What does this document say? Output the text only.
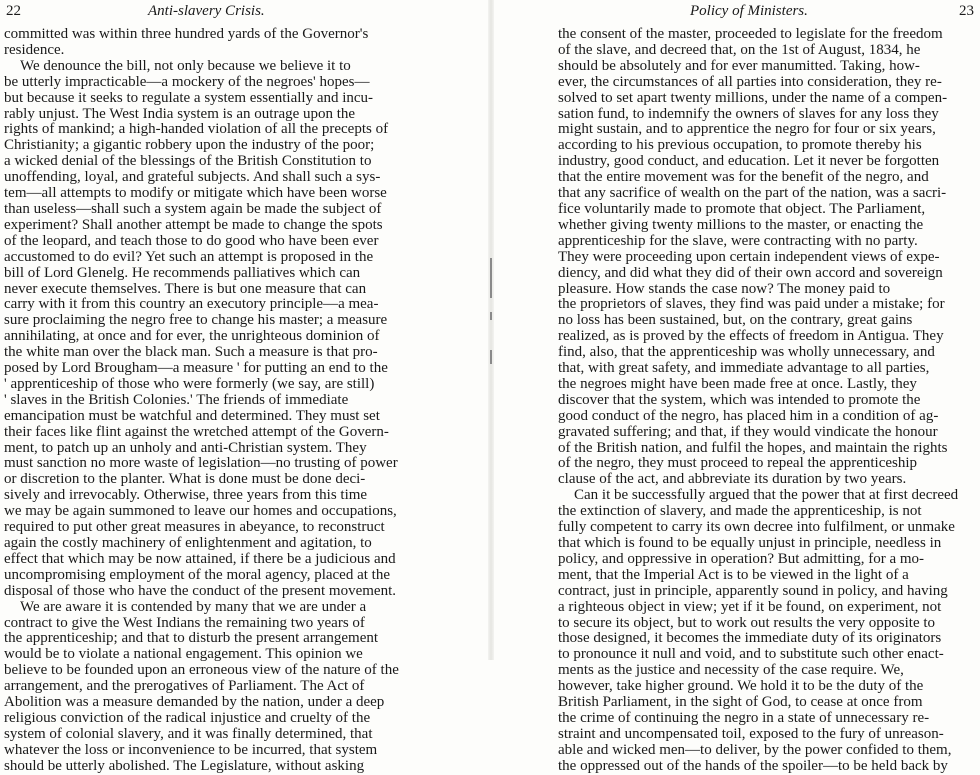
22	Anti-slavery Crisis.
committed was within three hundred yards of the Governor's
residence.
We denounce the bill, not only because we believe it to
be utterly impracticable—a mockery of the negroes' hopes—
but because it seeks to regulate a system essentially and incu-
rably unjust. The West India system is an outrage upon the
rights of mankind; a high-handed violation of all the precepts of
Christianity; a gigantic robbery upon the industry of the poor;
a wicked denial of the blessings of the British Constitution to
unoffending, loyal, and grateful subjects. And shall such a sys-
tem—all attempts to modify or mitigate which have been worse
than useless—shall such a system again be made the subject of
experiment? Shall another attempt be made to change the spots
of the leopard, and teach those to do good who have been ever
accustomed to do evil? Yet such an attempt is proposed in the
bill of Lord Glenelg. He recommends palliatives which can
never execute themselves. There is but one measure that can
carry with it from this country an executory principle—a mea-
sure proclaiming the negro free to change his master; a measure
annihilating, at once and for ever, the unrighteous dominion of
the white man over the black man. Such a measure is that pro-
posed by Lord Brougham—a measure ' for putting an end to the
' apprenticeship of those who were formerly (we say, are still)
' slaves in the British Colonies.' The friends of immediate
emancipation must be watchful and determined. They must set
their faces like flint against the wretched attempt of the Govern-
ment, to patch up an unholy and anti-Christian system. They
must sanction no more waste of legislation—no trusting of power
or discretion to the planter. What is done must be done deci-
sively and irrevocably. Otherwise, three years from this time
we may be again summoned to leave our homes and occupations,
required to put other great measures in abeyance, to reconstruct
again the costly machinery of enlightenment and agitation, to
effect that which may be now attained, if there be a judicious and
uncompromising employment of the moral agency, placed at the
disposal of those who have the conduct of the present movement.
We are aware it is contended by many that we are under a
contract to give the West Indians the remaining two years of
the apprenticeship; and that to disturb the present arrangement
would be to violate a national engagement. This opinion we
believe to be founded upon an erroneous view of the nature of the
arrangement, and the prerogatives of Parliament. The Act of
Abolition was a measure demanded by the nation, under a deep
religious conviction of the radical injustice and cruelty of the
system of colonial slavery, and it was finally determined, that
whatever the loss or inconvenience to be incurred, that system
should be utterly abolished. The Legislature, without asking
Policy of Ministers.	23
the consent of the master, proceeded to legislate for the freedom
of the slave, and decreed that, on the 1st of August, 1834, he
should be absolutely and for ever manumitted. Taking, how-
ever, the circumstances of all parties into consideration, they re-
solved to set apart twenty millions, under the name of a compen-
sation fund, to indemnify the owners of slaves for any loss they
might sustain, and to apprentice the negro for four or six years,
according to his previous occupation, to promote thereby his
industry, good conduct, and education. Let it never be forgotten
that the entire movement was for the benefit of the negro, and
that any sacrifice of wealth on the part of the nation, was a sacri-
fice voluntarily made to promote that object. The Parliament,
whether giving twenty millions to the master, or enacting the
apprenticeship for the slave, were contracting with no party.
They were proceeding upon certain independent views of expe-
diency, and did what they did of their own accord and sovereign
pleasure. How stands the case now? The money paid to
the proprietors of slaves, they find was paid under a mistake; for
no loss has been sustained, but, on the contrary, great gains
realized, as is proved by the effects of freedom in Antigua. They
find, also, that the apprenticeship was wholly unnecessary, and
that, with great safety, and immediate advantage to all parties,
the negroes might have been made free at once. Lastly, they
discover that the system, which was intended to promote the
good conduct of the negro, has placed him in a condition of ag-
gravated suffering; and that, if they would vindicate the honour
of the British nation, and fulfil the hopes, and maintain the rights
of the negro, they must proceed to repeal the apprenticeship
clause of the act, and abbreviate its duration by two years.
Can it be successfully argued that the power that at first decreed
the extinction of slavery, and made the apprenticeship, is not
fully competent to carry its own decree into fulfilment, or unmake
that which is found to be equally unjust in principle, needless in
policy, and oppressive in operation? But admitting, for a mo-
ment, that the Imperial Act is to be viewed in the light of a
contract, just in principle, apparently sound in policy, and having
a righteous object in view; yet if it be found, on experiment, not
to secure its object, but to work out results the very opposite to
those designed, it becomes the immediate duty of its originators
to pronounce it null and void, and to substitute such other enact-
ments as the justice and necessity of the case require. We,
however, take higher ground. We hold it to be the duty of the
British Parliament, in the sight of God, to cease at once from
the crime of continuing the negro in a state of unnecessary re-
straint and uncompensated toil, exposed to the fury of unreason-
able and wicked men—to deliver, by the power confided to them,
the oppressed out of the hands of the spoiler—to be held back by
